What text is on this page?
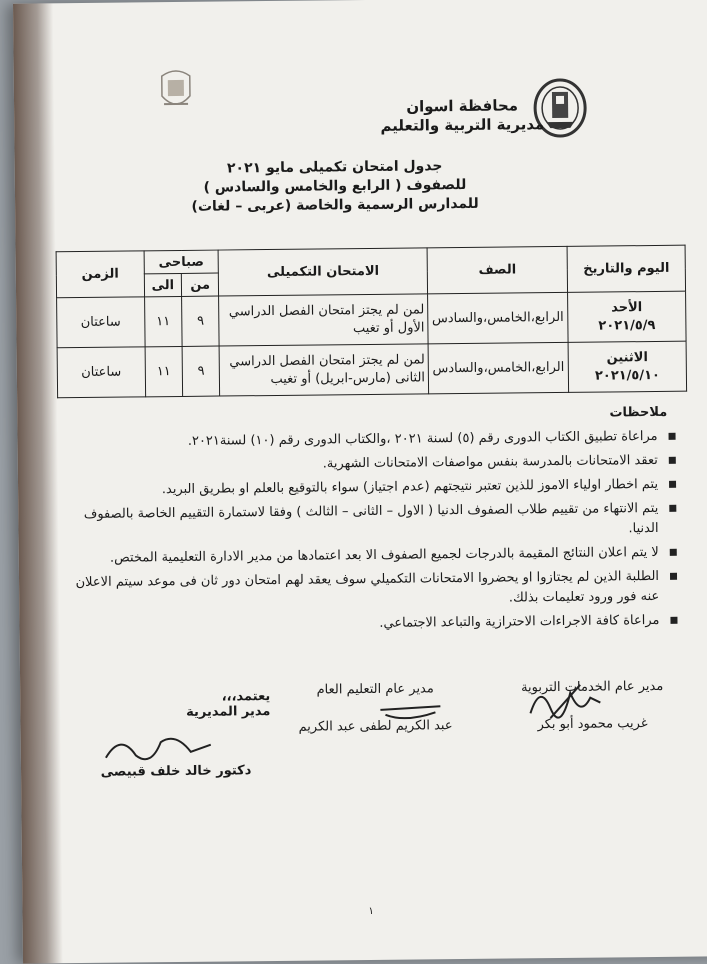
محافظة اسوان
مديرية التربية والتعليم
جدول امتحان تكميلى مايو ٢٠٢١
للصفوف ( الرابع والخامس والسادس )
للمدارس الرسمية والخاصة (عربى – لغات)
اليوم والتاريخ	الصف	الامتحان التكميلى	صباحى		الزمن
			من	الى	

الأحد
٢٠٢١/٥/٩	الرابع،الخامس،والسادس	لمن لم يجتز امتحان الفصل الدراسي الأول أو تغيب	٩	١١	ساعتان

الاثنين
٢٠٢١/٥/١٠	الرابع،الخامس،والسادس	لمن لم يجتز امتحان الفصل الدراسي الثانى (مارس-ابريل) أو تغيب	٩	١١	ساعتان
ملاحظات
مراعاة تطبيق الكتاب الدورى رقم (٥) لسنة ٢٠٢١ ،والكتاب الدورى رقم (١٠) لسنة٢٠٢١.
تعقد الامتحانات بالمدرسة بنفس مواصفات الامتحانات الشهرية.
يتم اخطار اولياء الاموز للذين تعتبر نتيجتهم (عدم اجتياز) سواء بالتوقيع بالعلم او بطريق البريد.
يتم الانتهاء من تقييم طلاب الصفوف الدنيا ( الاول – الثانى – الثالث ) وفقا لاستمارة التقييم الخاصة بالصفوف الدنيا.
لا يتم اعلان النتائج المقيمة بالدرجات لجميع الصفوف الا بعد اعتمادها من مدير الادارة التعليمية المختص.
الطلبة الذين لم يجتازوا او يحضروا الامتحانات التكميلي سوف يعقد لهم امتحان دور ثان فى موعد سيتم الاعلان عنه فور ورود تعليمات بذلك.
مراعاة كافة الاجراءات الاحترازية والتباعد الاجتماعي.
مدير عام الخدمات التربوية
غريب محمود أبو بكر
مدير عام التعليم العام
عبد الكريم لطفى عبد الكريم
يعتمد،،،
مدير المديرية
دكتور خالد خلف قبيصى
١
